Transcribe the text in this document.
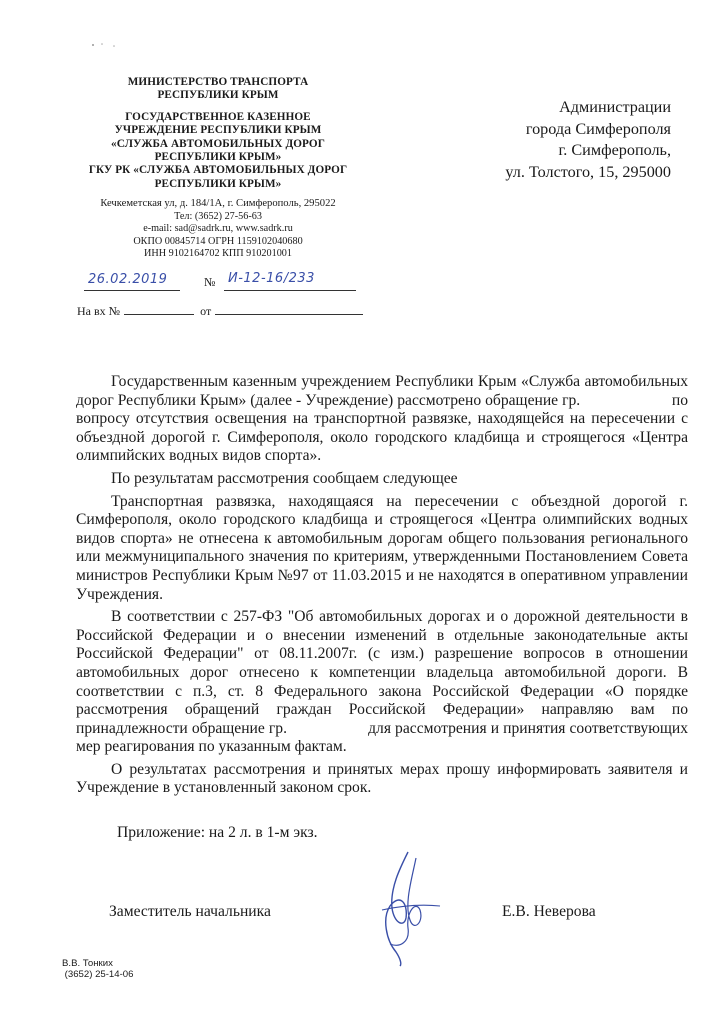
МИНИСТЕРСТВО ТРАНСПОРТА
РЕСПУБЛИКИ КРЫМ
ГОСУДАРСТВЕННОЕ КАЗЕННОЕ
УЧРЕЖДЕНИЕ РЕСПУБЛИКИ КРЫМ
«СЛУЖБА АВТОМОБИЛЬНЫХ ДОРОГ
РЕСПУБЛИКИ КРЫМ»
ГКУ РК «СЛУЖБА АВТОМОБИЛЬНЫХ ДОРОГ
РЕСПУБЛИКИ КРЫМ»
Кечкеметская ул, д. 184/1А, г. Симферополь, 295022
Тел: (3652) 27-56-63
e-mail: sad@sadrk.ru, www.sadrk.ru
ОКПО 00845714 ОГРН 1159102040680
ИНН 9102164702 КПП 910201001
26.02.2019	№ И-12-16/233
На вх №	от
Администрации
города Симферополя
г. Симферополь,
ул. Толстого, 15, 295000

Государственным казенным учреждением Республики Крым «Служба автомобильных дорог Республики Крым» (далее - Учреждение) рассмотрено обращение гр.                       по вопросу отсутствия освещения на транспортной развязке, находящейся на пересечении с объездной дорогой г. Симферополя, около городского кладбища и строящегося «Центра олимпийских водных видов спорта».

По результатам рассмотрения сообщаем следующее

Транспортная развязка, находящаяся на пересечении с объездной дорогой г. Симферополя, около городского кладбища и строящегося «Центра олимпийских водных видов спорта» не отнесена к автомобильным дорогам общего пользования регионального или межмуниципального значения по критериям, утвержденными Постановлением Совета министров Республики Крым №97 от 11.03.2015 и не находятся в оперативном управлении Учреждения.

В соответствии с 257-ФЗ "Об автомобильных дорогах и о дорожной деятельности в Российской Федерации и о внесении изменений в отдельные законодательные акты Российской Федерации" от 08.11.2007г. (с изм.) разрешение вопросов в отношении автомобильных дорог отнесено к компетенции владельца автомобильной дороги. В соответствии с п.3, ст. 8 Федерального закона Российской Федерации «О порядке рассмотрения обращений граждан Российской Федерации» направляю вам по принадлежности обращение гр.                    для рассмотрения и принятия соответствующих мер реагирования по указанным фактам.

О результатах рассмотрения и принятых мерах прошу информировать заявителя и Учреждение в установленный законом срок.

Приложение: на 2 л. в 1-м экз.
Заместитель начальника	Е.В. Неверова
В.В. Тонких
(3652) 25-14-06
